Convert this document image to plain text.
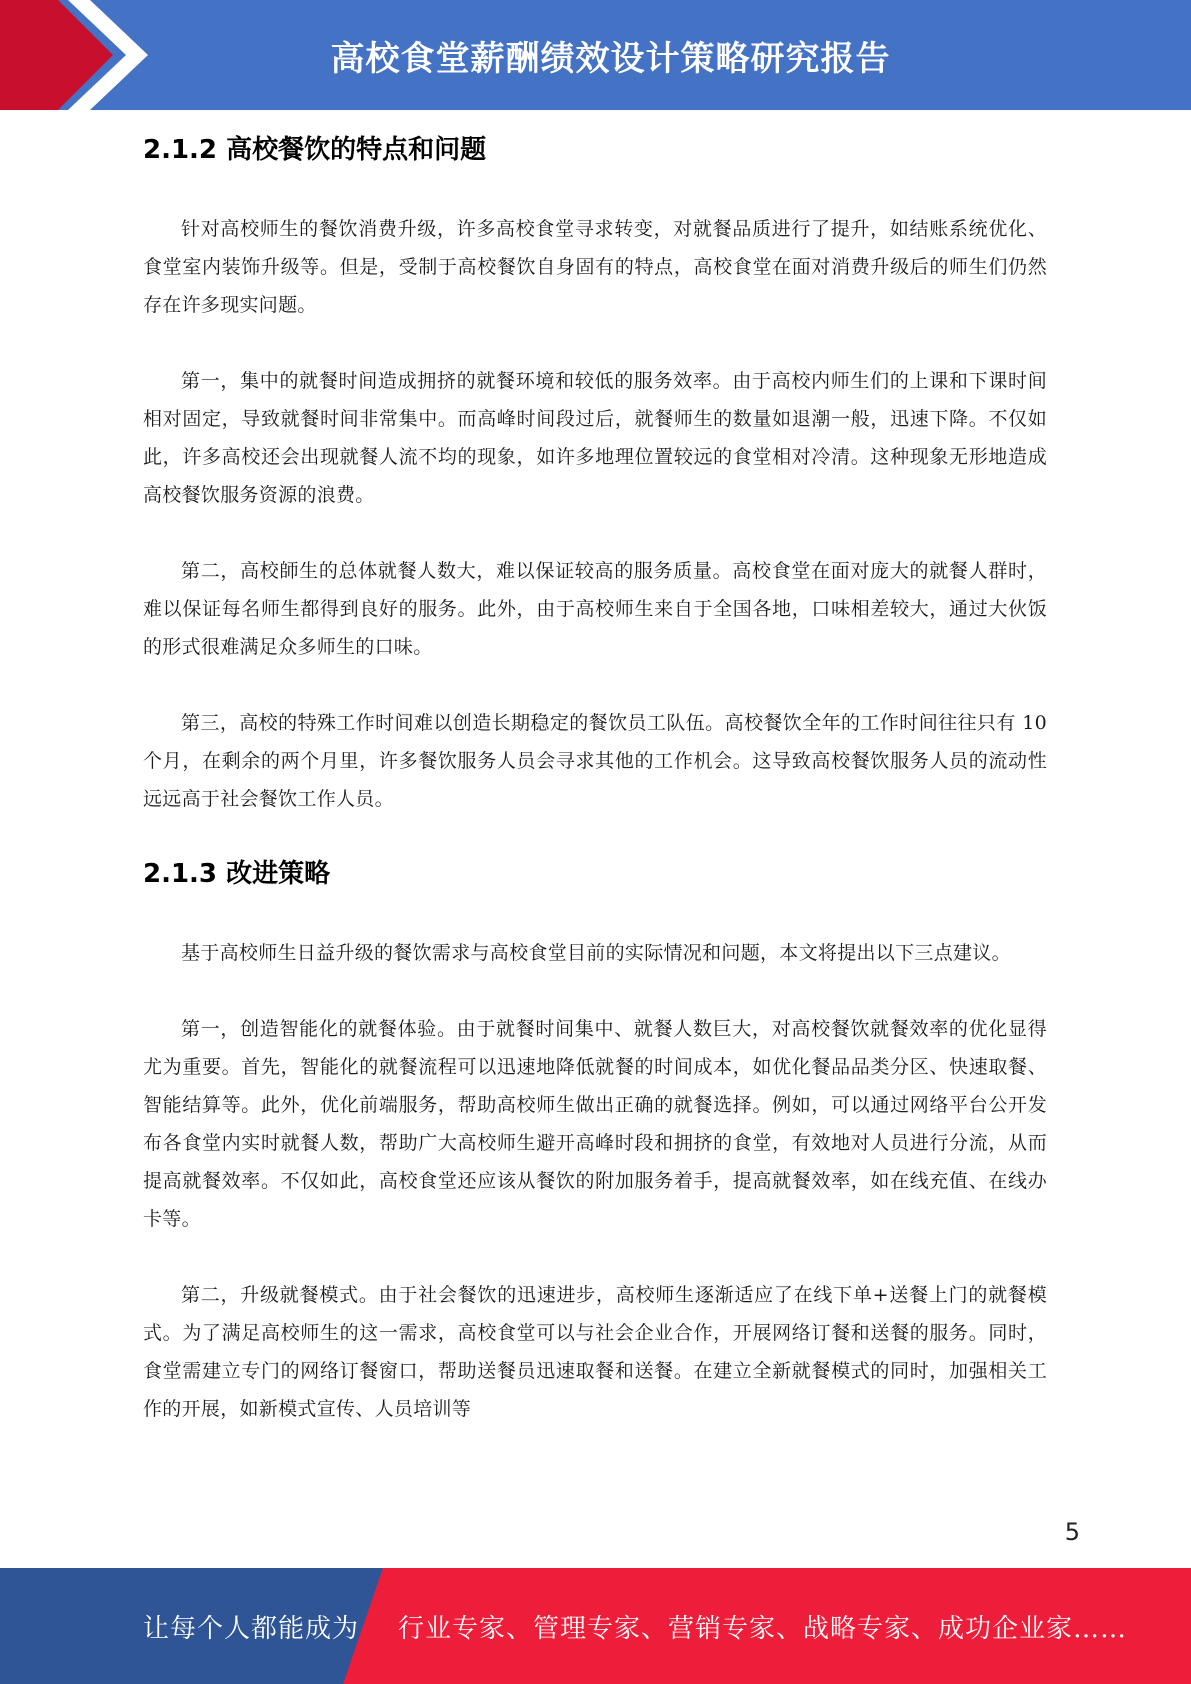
高校食堂薪酬绩效设计策略研究报告
2.1.2 高校餐饮的特点和问题

针对高校师生的餐饮消费升级，许多高校食堂寻求转变，对就餐品质进行了提升，如结账系统优化、食堂室内装饰升级等。但是，受制于高校餐饮自身固有的特点，高校食堂在面对消费升级后的师生们仍然存在许多现实问题。

第一，集中的就餐时间造成拥挤的就餐环境和较低的服务效率。由于高校内师生们的上课和下课时间相对固定，导致就餐时间非常集中。而高峰时间段过后，就餐师生的数量如退潮一般，迅速下降。不仅如此，许多高校还会出现就餐人流不均的现象，如许多地理位置较远的食堂相对冷清。这种现象无形地造成高校餐饮服务资源的浪费。

第二，高校師生的总体就餐人数大，难以保证较高的服务质量。高校食堂在面对庞大的就餐人群时，难以保证每名师生都得到良好的服务。此外，由于高校师生来自于全国各地，口味相差较大，通过大伙饭的形式很难满足众多师生的口味。

第三，高校的特殊工作时间难以创造长期稳定的餐饮员工队伍。高校餐饮全年的工作时间往往只有 10 个月，在剩余的两个月里，许多餐饮服务人员会寻求其他的工作机会。这导致高校餐饮服务人员的流动性远远高于社会餐饮工作人员。

2.1.3 改进策略

基于高校师生日益升级的餐饮需求与高校食堂目前的实际情况和问题，本文将提出以下三点建议。

第一，创造智能化的就餐体验。由于就餐时间集中、就餐人数巨大，对高校餐饮就餐效率的优化显得尤为重要。首先，智能化的就餐流程可以迅速地降低就餐的时间成本，如优化餐品品类分区、快速取餐、智能结算等。此外，优化前端服务，帮助高校师生做出正确的就餐选择。例如，可以通过网络平台公开发布各食堂内实时就餐人数，帮助广大高校师生避开高峰时段和拥挤的食堂，有效地对人员进行分流，从而提高就餐效率。不仅如此，高校食堂还应该从餐饮的附加服务着手，提高就餐效率，如在线充值、在线办卡等。

第二，升级就餐模式。由于社会餐饮的迅速进步，高校师生逐渐适应了在线下单+送餐上门的就餐模式。为了满足高校师生的这一需求，高校食堂可以与社会企业合作，开展网络订餐和送餐的服务。同时，食堂需建立专门的网络订餐窗口，帮助送餐员迅速取餐和送餐。在建立全新就餐模式的同时，加强相关工作的开展，如新模式宣传、人员培训等

5
让每个人都能成为 行业专家、管理专家、营销专家、战略专家、成功企业家……
